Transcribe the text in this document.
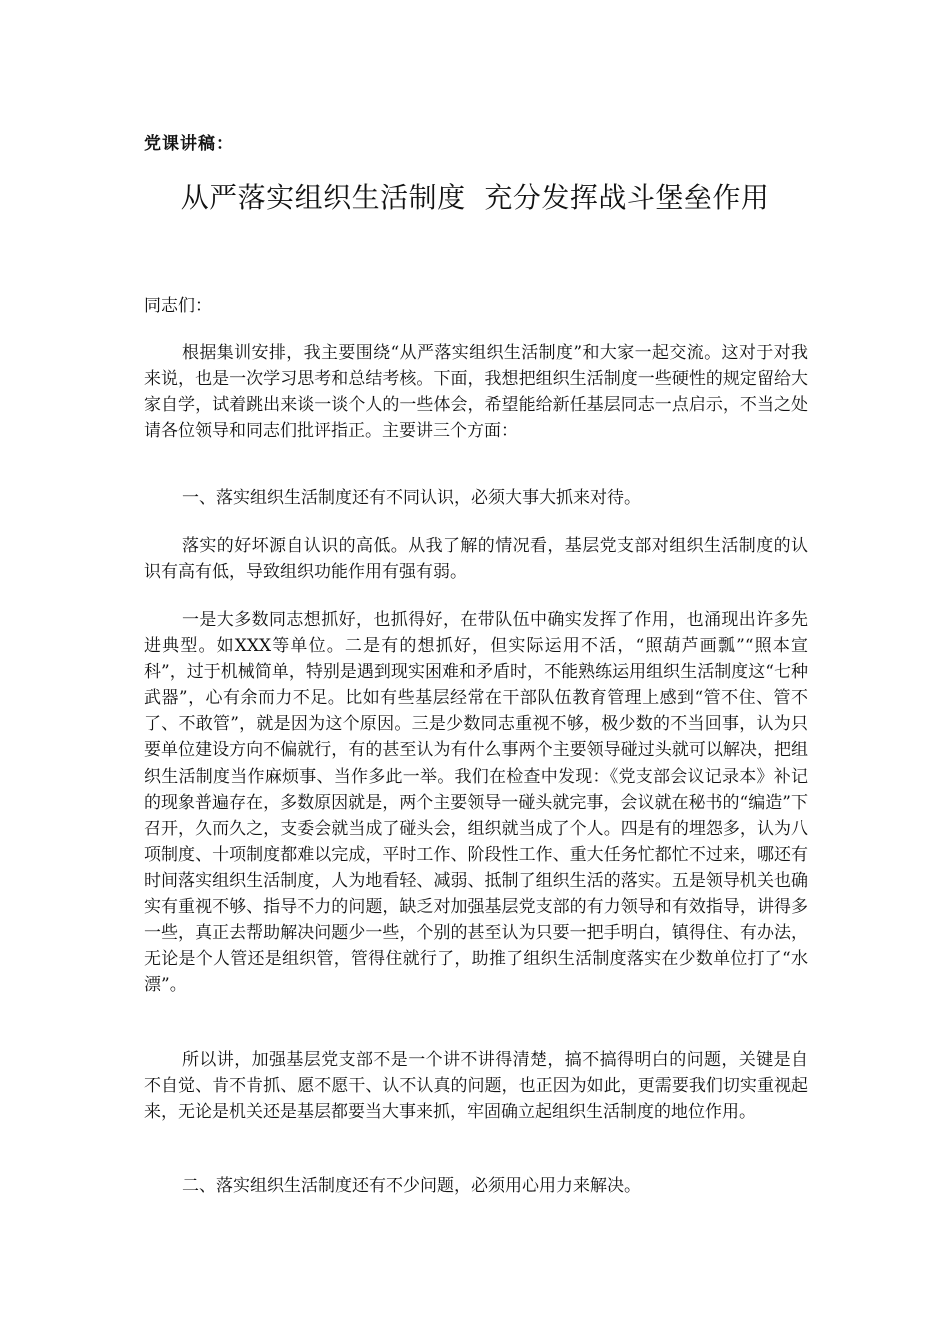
党课讲稿：
从严落实组织生活制度  充分发挥战斗堡垒作用
同志们：

根据集训安排，我主要围绕“从严落实组织生活制度”和大家一起交流。这对于对我来说，也是一次学习思考和总结考核。下面，我想把组织生活制度一些硬性的规定留给大家自学，试着跳出来谈一谈个人的一些体会，希望能给新任基层同志一点启示，不当之处请各位领导和同志们批评指正。主要讲三个方面：

一、落实组织生活制度还有不同认识，必须大事大抓来对待。

落实的好坏源自认识的高低。从我了解的情况看，基层党支部对组织生活制度的认识有高有低，导致组织功能作用有强有弱。

一是大多数同志想抓好，也抓得好，在带队伍中确实发挥了作用，也涌现出许多先进典型。如XXX等单位。二是有的想抓好，但实际运用不活，“照葫芦画瓢”“照本宣科”，过于机械简单，特别是遇到现实困难和矛盾时，不能熟练运用组织生活制度这“七种武器”，心有余而力不足。比如有些基层经常在干部队伍教育管理上感到“管不住、管不了、不敢管”，就是因为这个原因。三是少数同志重视不够，极少数的不当回事，认为只要单位建设方向不偏就行，有的甚至认为有什么事两个主要领导碰过头就可以解决，把组织生活制度当作麻烦事、当作多此一举。我们在检查中发现：《党支部会议记录本》补记的现象普遍存在，多数原因就是，两个主要领导一碰头就完事，会议就在秘书的“编造”下召开，久而久之，支委会就当成了碰头会，组织就当成了个人。四是有的埋怨多，认为八项制度、十项制度都难以完成，平时工作、阶段性工作、重大任务忙都忙不过来，哪还有时间落实组织生活制度，人为地看轻、减弱、抵制了组织生活的落实。五是领导机关也确实有重视不够、指导不力的问题，缺乏对加强基层党支部的有力领导和有效指导，讲得多一些，真正去帮助解决问题少一些，个别的甚至认为只要一把手明白，镇得住、有办法，无论是个人管还是组织管，管得住就行了，助推了组织生活制度落实在少数单位打了“水漂”。

所以讲，加强基层党支部不是一个讲不讲得清楚，搞不搞得明白的问题，关键是自不自觉、肯不肯抓、愿不愿干、认不认真的问题，也正因为如此，更需要我们切实重视起来，无论是机关还是基层都要当大事来抓，牢固确立起组织生活制度的地位作用。

二、落实组织生活制度还有不少问题，必须用心用力来解决。
